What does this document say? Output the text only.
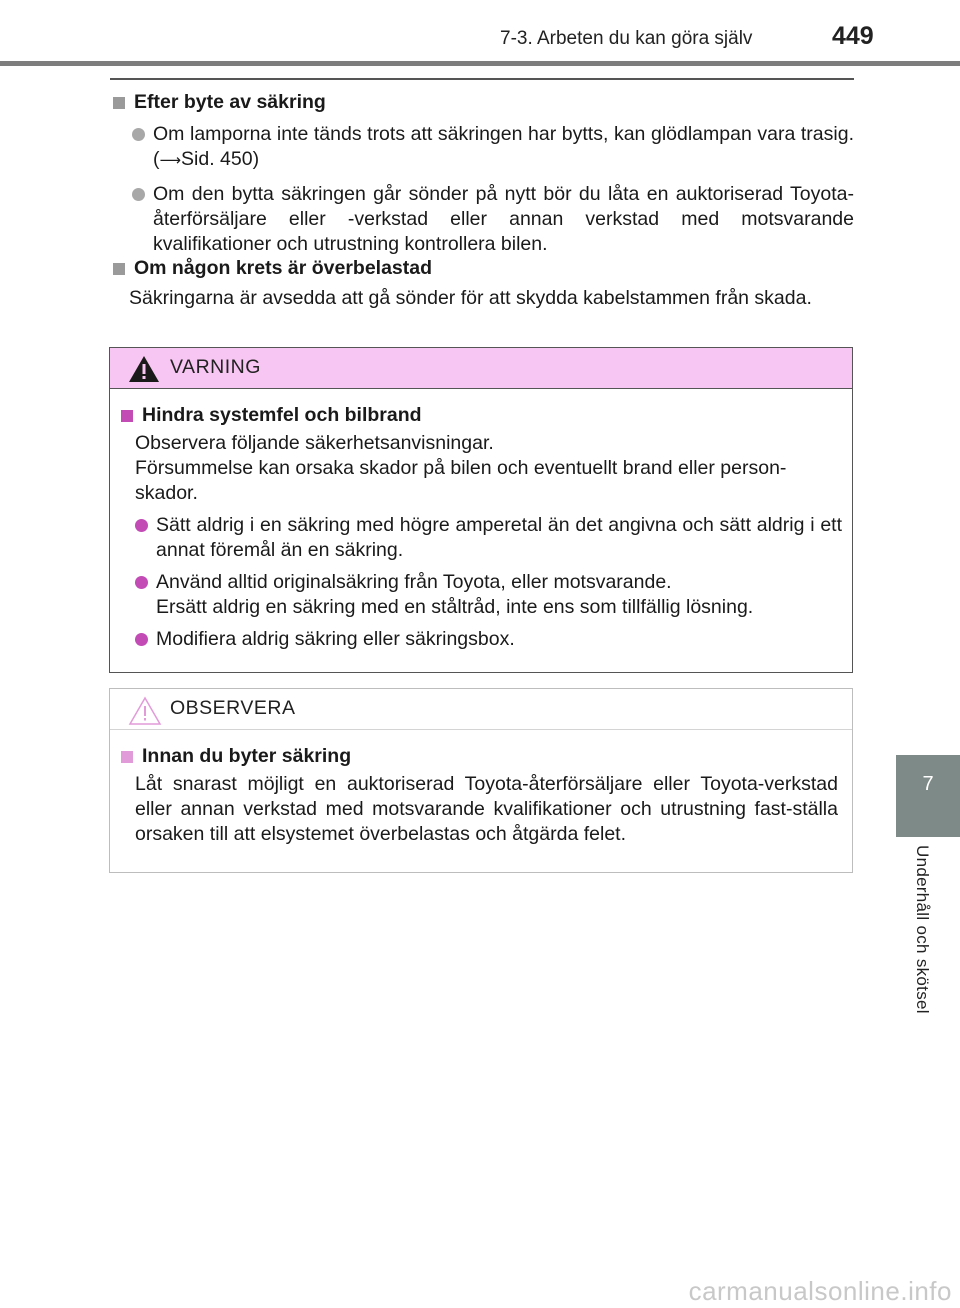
7-3. Arbeten du kan göra själv	449
7
Underhåll och skötsel
Efter byte av säkring
Om lamporna inte tänds trots att säkringen har bytts, kan glödlampan vara trasig. (⟶Sid. 450)
Om den bytta säkringen går sönder på nytt bör du låta en auktoriserad Toyota-återförsäljare eller -verkstad eller annan verkstad med motsvarande kvalifikationer och utrustning kontrollera bilen.
Om någon krets är överbelastad
Säkringarna är avsedda att gå sönder för att skydda kabelstammen från skada.
VARNING
Hindra systemfel och bilbrand
Observera följande säkerhetsanvisningar.
Försummelse kan orsaka skador på bilen och eventuellt brand eller person-skador.
Sätt aldrig i en säkring med högre amperetal än det angivna och sätt aldrig i ett annat föremål än en säkring.
Använd alltid originalsäkring från Toyota, eller motsvarande.
Ersätt aldrig en säkring med en ståltråd, inte ens som tillfällig lösning.
Modifiera aldrig säkring eller säkringsbox.
OBSERVERA
Innan du byter säkring
Låt snarast möjligt en auktoriserad Toyota-återförsäljare eller Toyota-verkstad eller annan verkstad med motsvarande kvalifikationer och utrustning fast-ställa orsaken till att elsystemet överbelastas och åtgärda felet.
carmanualsonline.info
